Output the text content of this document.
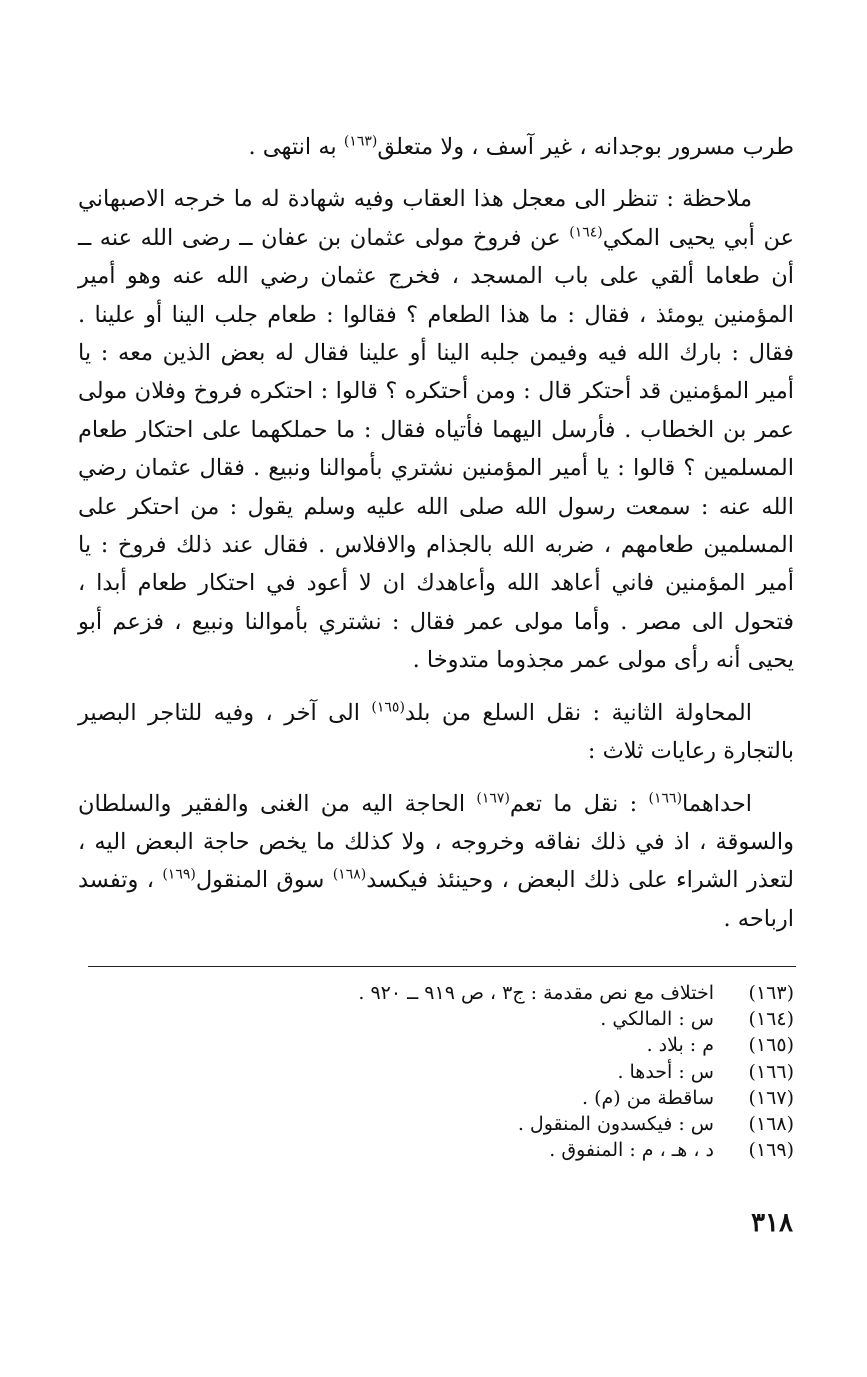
طرب مسرور بوجدانه ، غير آسف ، ولا متعلق$^{(١٦٣)}$ به انتهى .

ملاحظة : تنظر الى معجل هذا العقاب وفيه شهادة له ما خرجه الاصبهاني عن أبي يحيى المكي$^{(١٦٤)}$ عن فروخ مولى عثمان بن عفان ــ رضى الله عنه ــ أن طعاما ألقي على باب المسجد ، فخرج عثمان رضي الله عنه وهو أمير المؤمنين يومئذ ، فقال : ما هذا الطعام ؟ فقالوا : طعام جلب الينا أو علينا . فقال : بارك الله فيه وفيمن جلبه الينا أو علينا فقال له بعض الذين معه : يا أمير المؤمنين قد أحتكر قال : ومن أحتكره ؟ قالوا : احتكره فروخ وفلان مولى عمر بن الخطاب . فأرسل اليهما فأتياه فقال : ما حملكهما على احتكار طعام المسلمين ؟ قالوا : يا أمير المؤمنين نشتري بأموالنا ونبيع . فقال عثمان رضي الله عنه : سمعت رسول الله صلى الله عليه وسلم يقول : من احتكر على المسلمين طعامهم ، ضربه الله بالجذام والافلاس . فقال عند ذلك فروخ : يا أمير المؤمنين فاني أعاهد الله وأعاهدك ان لا أعود في احتكار طعام أبدا ، فتحول الى مصر . وأما مولى عمر فقال : نشتري بأموالنا ونبيع ، فزعم أبو يحيى أنه رأى مولى عمر مجذوما متدوخا .

المحاولة الثانية : نقل السلع من بلد$^{(١٦٥)}$ الى آخر ، وفيه للتاجر البصير بالتجارة رعايات ثلاث :

احداهما$^{(١٦٦)}$ : نقل ما تعم$^{(١٦٧)}$ الحاجة اليه من الغنى والفقير والسلطان والسوقة ، اذ في ذلك نفاقه وخروجه ، ولا كذلك ما يخص حاجة البعض اليه ، لتعذر الشراء على ذلك البعض ، وحينئذ فيكسد$^{(١٦٨)}$ سوق المنقول$^{(١٦٩)}$ ، وتفسد ارباحه .

(١٦٣)
اختلاف مع نص مقدمة : ج٣ ، ص ٩١٩ ــ ٩٢٠ .
(١٦٤)
س : المالكي .
(١٦٥)
م : بلاد .
(١٦٦)
س : أحدها .
(١٦٧)
ساقطة من (م) .
(١٦٨)
س : فيكسدون المنقول .
(١٦٩)
د ، هـ ، م : المنفوق .
٣١٨
